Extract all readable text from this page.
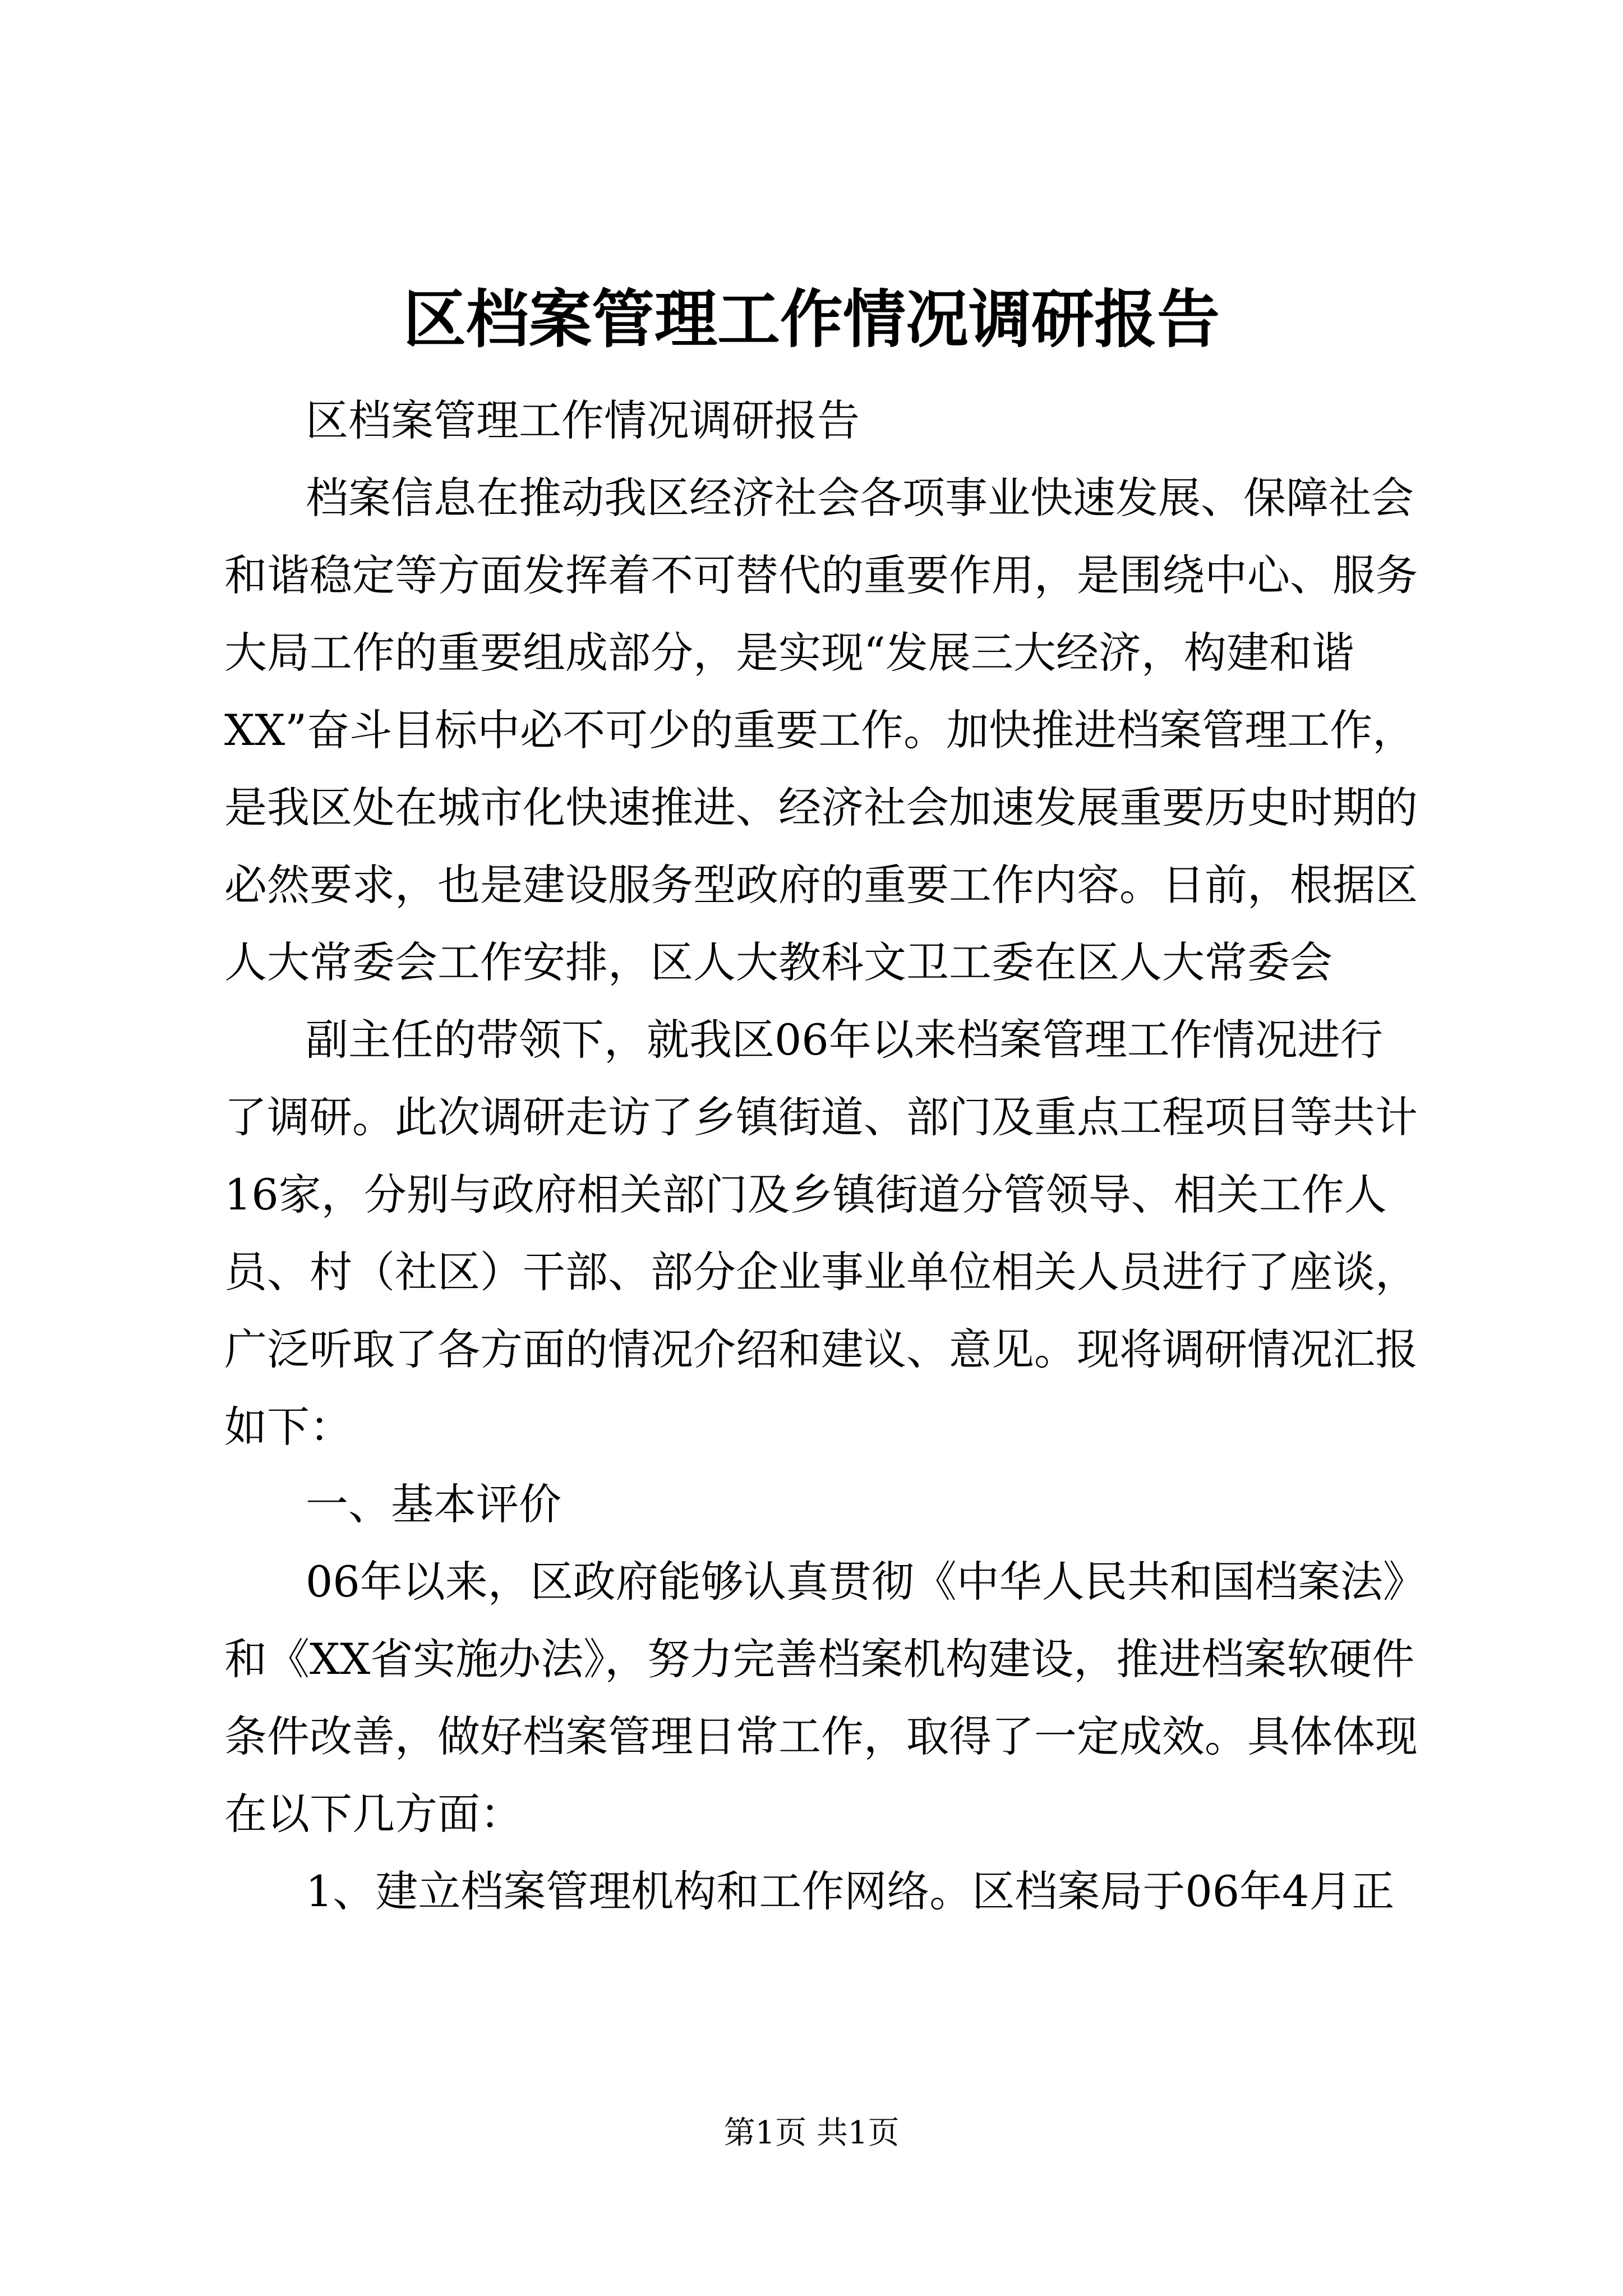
区档案管理工作情况调研报告
区档案管理工作情况调研报告
档案信息在推动我区经济社会各项事业快速发展、保障社会
和谐稳定等方面发挥着不可替代的重要作用，是围绕中心、服务
大局工作的重要组成部分，是实现“发展三大经济，构建和谐
XX”奋斗目标中必不可少的重要工作。加快推进档案管理工作，
是我区处在城市化快速推进、经济社会加速发展重要历史时期的
必然要求，也是建设服务型政府的重要工作内容。日前，根据区
人大常委会工作安排，区人大教科文卫工委在区人大常委会
副主任的带领下，就我区06年以来档案管理工作情况进行
了调研。此次调研走访了乡镇街道、部门及重点工程项目等共计
16家，分别与政府相关部门及乡镇街道分管领导、相关工作人
员、村（社区）干部、部分企业事业单位相关人员进行了座谈，
广泛听取了各方面的情况介绍和建议、意见。现将调研情况汇报
如下：
一、基本评价
06年以来，区政府能够认真贯彻《中华人民共和国档案法》
和《XX省实施办法》，努力完善档案机构建设，推进档案软硬件
条件改善，做好档案管理日常工作，取得了一定成效。具体体现
在以下几方面：
1、建立档案管理机构和工作网络。区档案局于06年4月正
第1页 共1页
